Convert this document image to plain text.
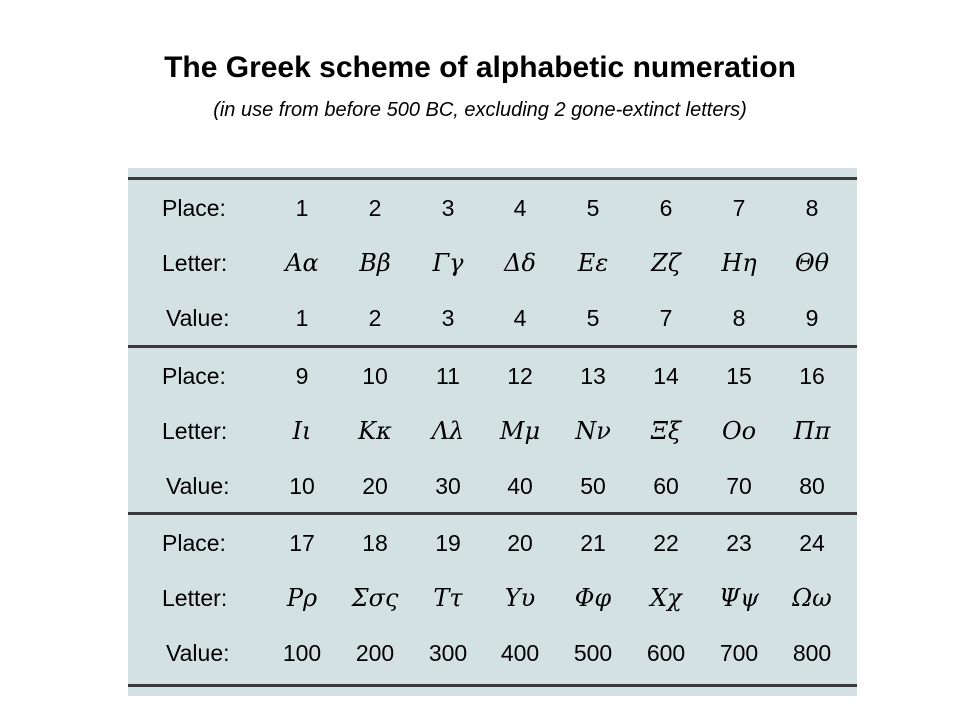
The Greek scheme of alphabetic numeration
(in use from before 500 BC, excluding 2 gone-extinct letters)
Place:	1	2	3	4	5	6	7	8
Letter:	Αα	Ββ	Γγ	Δδ	Εε	Ζζ	Ηη	Θθ
Value:	1	2	3	4	5	7	8	9
Place:	9	10	11	12	13	14	15	16
Letter:	Ιι	Κκ	Λλ	Μμ	Νν	Ξξ	Οο	Ππ
Value:	10	20	30	40	50	60	70	80
Place:	17	18	19	20	21	22	23	24
Letter:	Ρρ	Σσς	Ττ	Υυ	Φφ	Χχ	Ψψ	Ωω
Value:	100	200	300	400	500	600	700	800
